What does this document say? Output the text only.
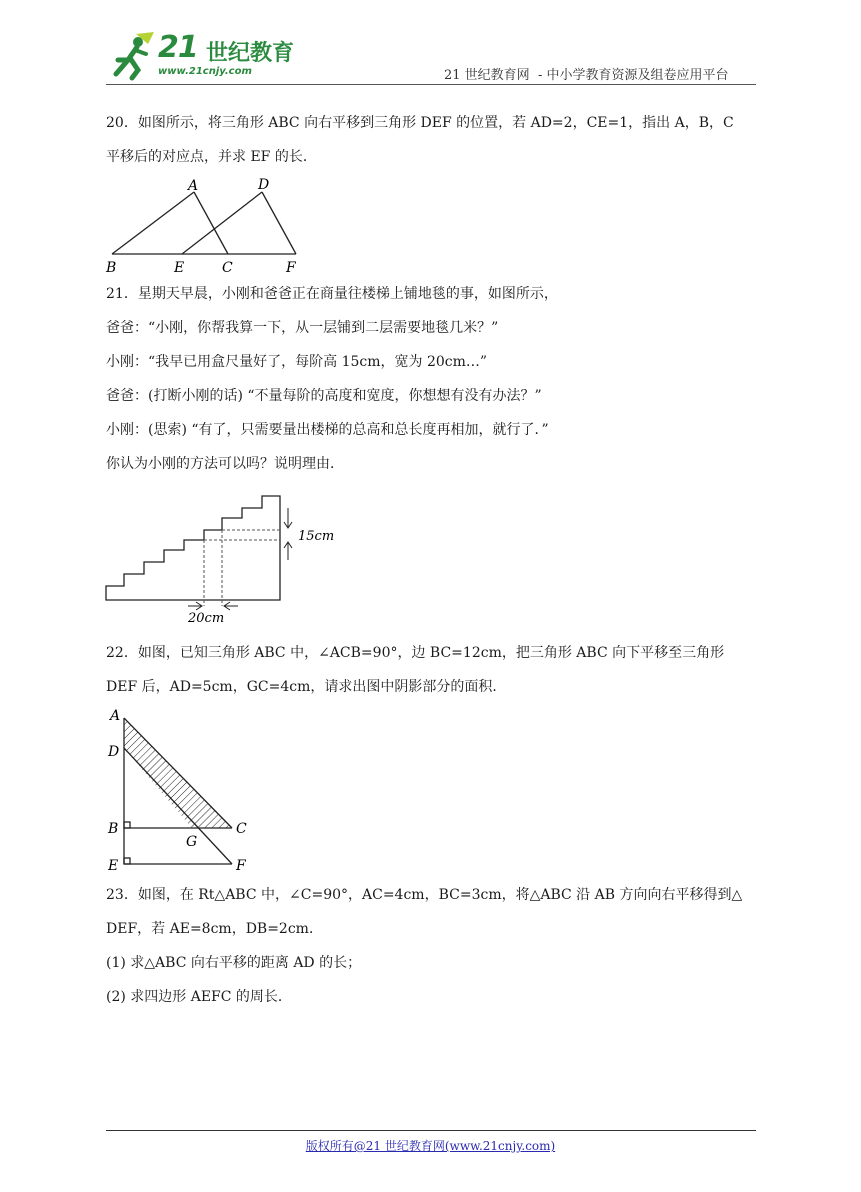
21 世纪教育
www.21cnjy.com	21 世纪教育网  - 中小学教育资源及组卷应用平台
20．如图所示，将三角形 ABC 向右平移到三角形 DEF 的位置，若 AD=2，CE=1，指出 A，B，C
平移后的对应点，并求 EF 的长．
A	D
B	E	C	F
21．星期天早晨，小刚和爸爸正在商量往楼梯上铺地毯的事，如图所示，
爸爸：“小刚，你帮我算一下，从一层铺到二层需要地毯几米？”
小刚：“我早已用盒尺量好了，每阶高 15cm，宽为 20cm…”
爸爸：(打断小刚的话) “不量每阶的高度和宽度，你想想有没有办法？”
小刚：(思索) “有了，只需要量出楼梯的总高和总长度再相加，就行了．”
你认为小刚的方法可以吗？说明理由．
15cm
20cm
22．如图，已知三角形 ABC 中，∠ACB=90°，边 BC=12cm，把三角形 ABC 向下平移至三角形
DEF 后，AD=5cm，GC=4cm，请求出图中阴影部分的面积．
A
D
B	C
G
E	F
23．如图，在 Rt△ABC 中，∠C=90°，AC=4cm，BC=3cm，将△ABC 沿 AB 方向向右平移得到△
DEF，若 AE=8cm，DB=2cm．
(1) 求△ABC 向右平移的距离 AD 的长；
(2) 求四边形 AEFC 的周长．
版权所有@21 世纪教育网(www.21cnjy.com)
